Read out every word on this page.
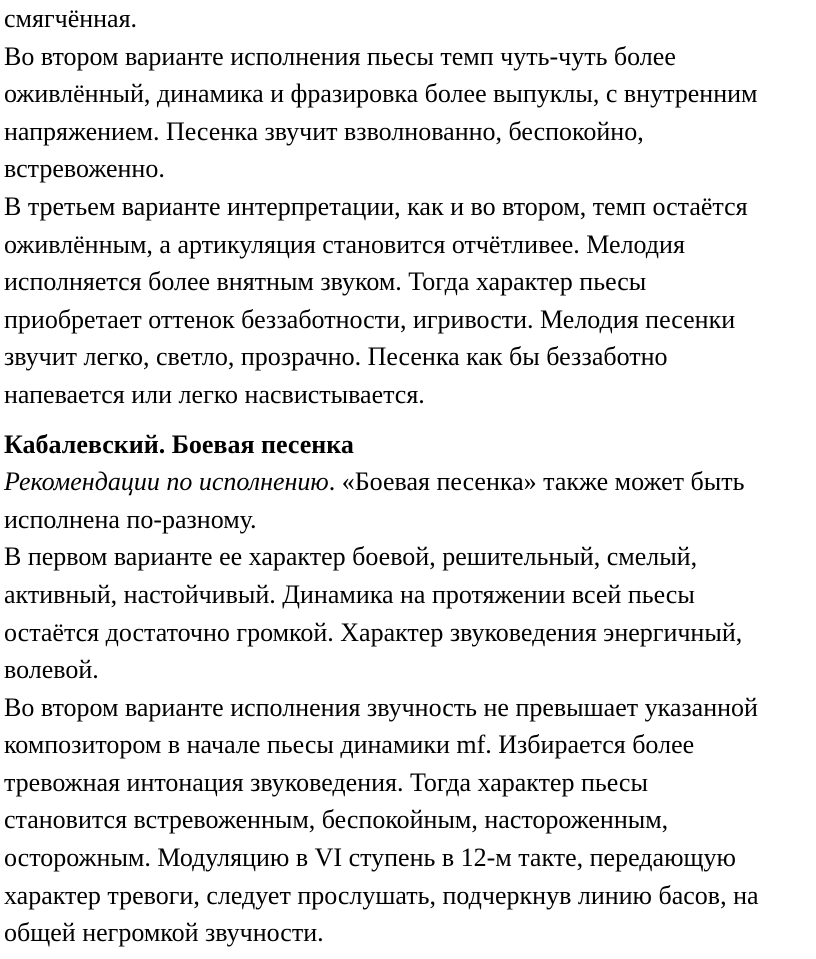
смягчённая.

Во втором варианте исполнения пьесы темп чуть-чуть более

оживлённый, динамика и фразировка более выпуклы, с внутренним

напряжением. Песенка звучит взволнованно, беспокойно,

встревоженно.

В третьем варианте интерпретации, как и во втором, темп остаётся

оживлённым, а артикуляция становится отчётливее. Мелодия

исполняется более внятным звуком. Тогда характер пьесы

приобретает оттенок беззаботности, игривости. Мелодия песенки

звучит легко, светло, прозрачно. Песенка как бы беззаботно

напевается или легко насвистывается.

Кабалевский. Боевая песенка

Рекомендации по исполнению. «Боевая песенка» также может быть

исполнена по-разному.

В первом варианте ее характер боевой, решительный, смелый,

активный, настойчивый. Динамика на протяжении всей пьесы

остаётся достаточно громкой. Характер звуковедения энергичный,

волевой.

Во втором варианте исполнения звучность не превышает указанной

композитором в начале пьесы динамики mf. Избирается более

тревожная интонация звуковедения. Тогда характер пьесы

становится встревоженным, беспокойным, настороженным,

осторожным. Модуляцию в VI ступень в 12-м такте, передающую

характер тревоги, следует прослушать, подчеркнув линию басов, на

общей негромкой звучности.
